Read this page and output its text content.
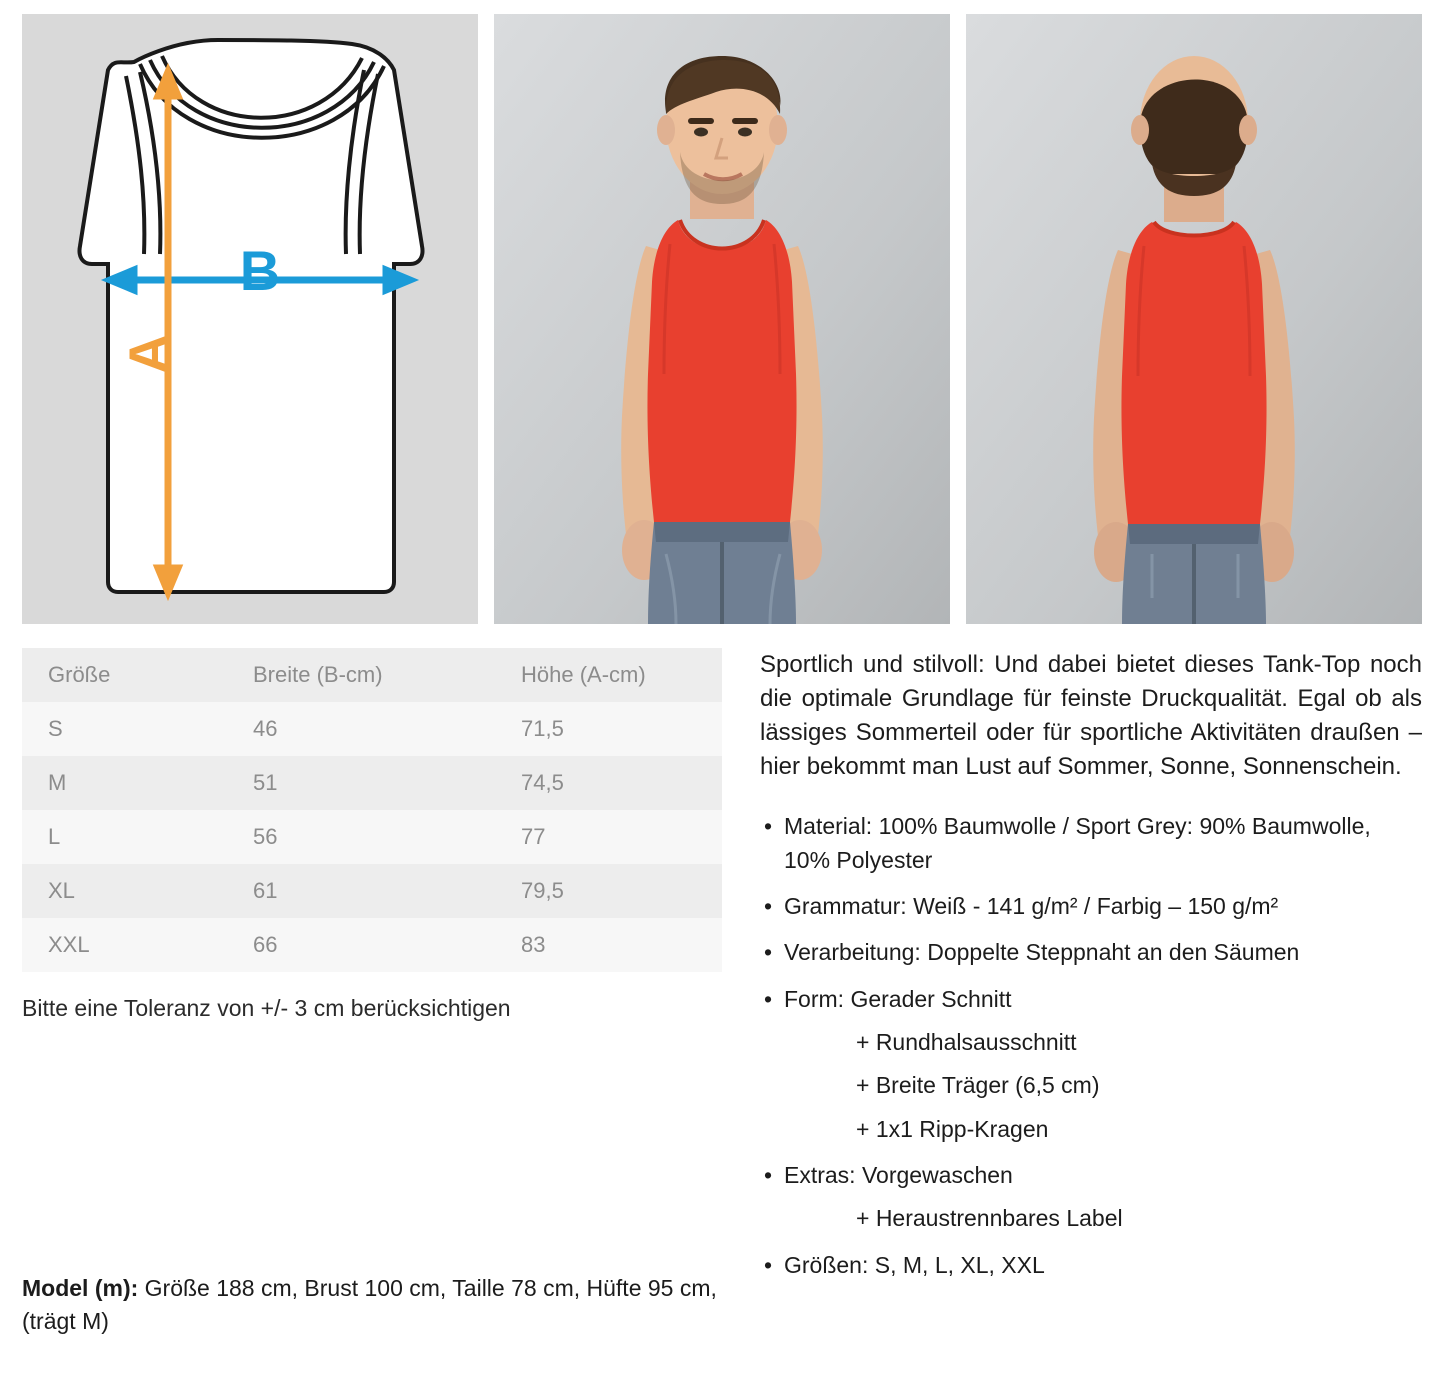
B
A
Größe	Breite (B-cm)	Höhe (A-cm)
S	46	71,5
M	51	74,5
L	56	77
XL	61	79,5
XXL	66	83
Bitte eine Toleranz von +/- 3 cm berücksichtigen

Sportlich und stilvoll: Und dabei bietet dieses Tank-Top noch die optimale Grundlage für feinste Druckqualität. Egal ob als lässiges Sommerteil oder für sportliche Aktivitäten draußen – hier bekommt man Lust auf Sommer, Sonne, Sonnenschein.

• Material: 100% Baumwolle / Sport Grey: 90% Baumwolle, 10% Polyester
• Grammatur: Weiß - 141 g/m² / Farbig – 150 g/m²
• Verarbeitung: Doppelte Steppnaht an den Säumen
• Form: Gerader Schnitt
+ Rundhalsausschnitt
+ Breite Träger (6,5 cm)
+ 1x1 Ripp-Kragen
• Extras: Vorgewaschen
+ Heraustrennbares Label
• Größen: S, M, L, XL, XXL
Model (m): Größe 188 cm, Brust 100 cm, Taille 78 cm, Hüfte 95 cm, (trägt M)
